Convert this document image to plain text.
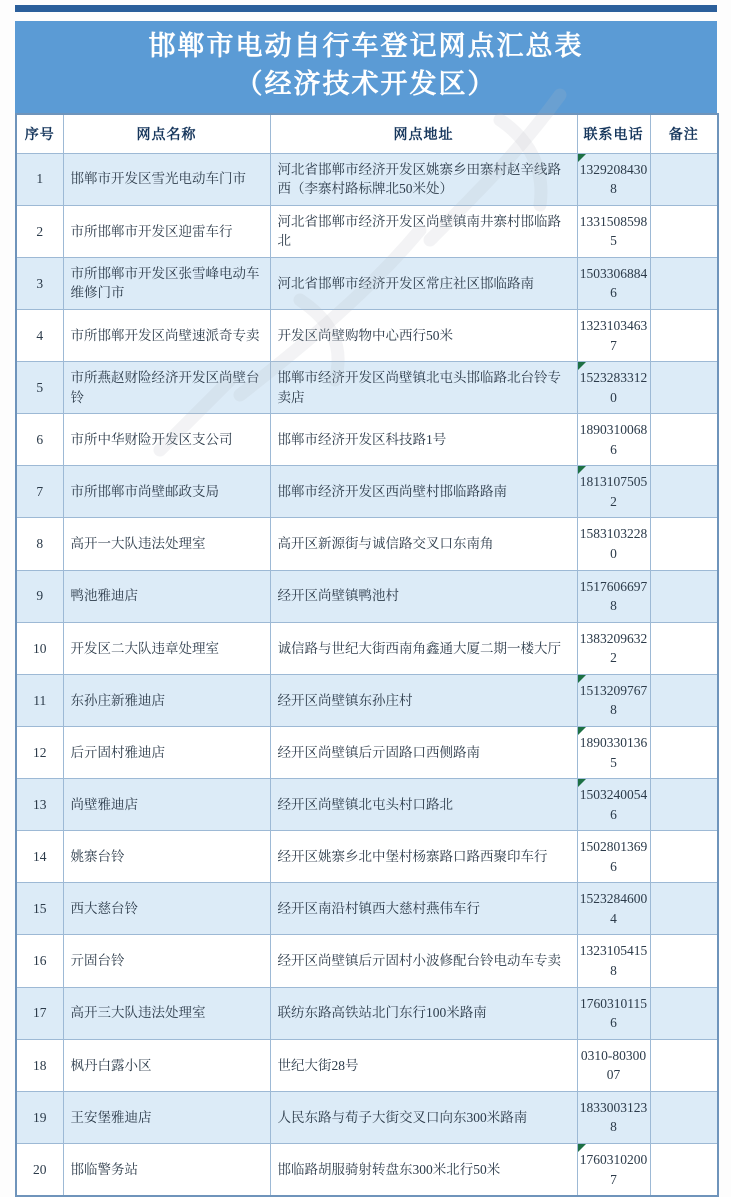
邯郸市电动自行车登记网点汇总表
（经济技术开发区）
序号	网点名称	网点地址	联系电话	备注
1	邯郸市开发区雪光电动车门市	河北省邯郸市经济开发区姚寨乡田寨村赵辛线路西（李寨村路标牌北50米处）	13292084308	
2	市所邯郸市开发区迎雷车行	河北省邯郸市经济开发区尚壁镇南井寨村邯临路北	13315085985	
3	市所邯郸市开发区张雪峰电动车维修门市	河北省邯郸市经济开发区常庄社区邯临路南	15033068846	
4	市所邯郸开发区尚壁速派奇专卖	开发区尚壁购物中心西行50米	13231034637	
5	市所燕赵财险经济开发区尚壁台铃	邯郸市经济开发区尚壁镇北屯头邯临路北台铃专卖店	15232833120	
6	市所中华财险开发区支公司	邯郸市经济开发区科技路1号	18903100686	
7	市所邯郸市尚壁邮政支局	邯郸市经济开发区西尚壁村邯临路路南	18131075052	
8	高开一大队违法处理室	高开区新源街与诚信路交叉口东南角	15831032280	
9	鸭池雅迪店	经开区尚壁镇鸭池村	15176066978	
10	开发区二大队违章处理室	诚信路与世纪大街西南角鑫通大厦二期一楼大厅	13832096322	
11	东孙庄新雅迪店	经开区尚壁镇东孙庄村	15132097678	
12	后亓固村雅迪店	经开区尚壁镇后亓固路口西侧路南	18903301365	
13	尚壁雅迪店	经开区尚壁镇北屯头村口路北	15032400546	
14	姚寨台铃	经开区姚寨乡北中堡村杨寨路口路西聚印车行	15028013696	
15	西大慈台铃	经开区南沿村镇西大慈村燕伟车行	15232846004	
16	亓固台铃	经开区尚壁镇后亓固村小波修配台铃电动车专卖	13231054158	
17	高开三大队违法处理室	联纺东路高铁站北门东行100米路南	17603101156	
18	枫丹白露小区	世纪大街28号	0310-8030007	
19	王安堡雅迪店	人民东路与荀子大街交叉口向东300米路南	18330031238	
20	邯临警务站	邯临路胡服骑射转盘东300米北行50米	17603102007	
